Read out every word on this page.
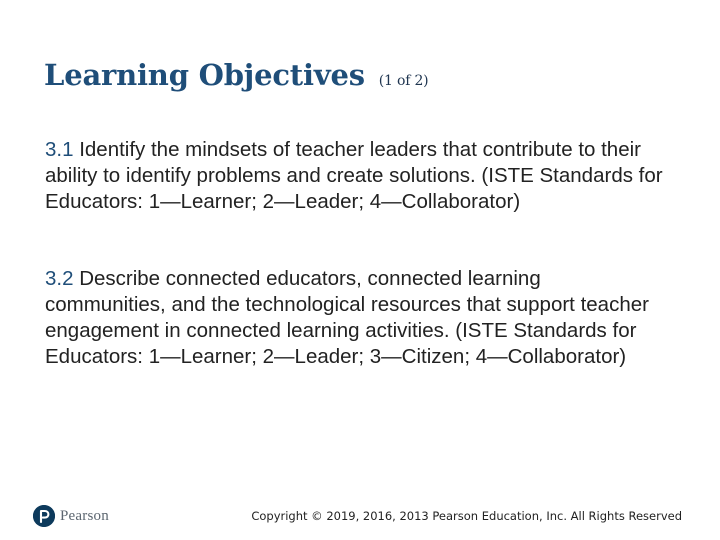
Learning Objectives (1 of 2)

3.1 Identify the mindsets of teacher leaders that contribute to their ability to identify problems and create solutions. (ISTE Standards for Educators: 1—Learner; 2—Leader; 4—Collaborator)

3.2 Describe connected educators, connected learning communities, and the technological resources that support teacher engagement in connected learning activities. (ISTE Standards for Educators: 1—Learner; 2—Leader; 3—Citizen; 4—Collaborator)

Pearson	Copyright © 2019, 2016, 2013 Pearson Education, Inc. All Rights Reserved
